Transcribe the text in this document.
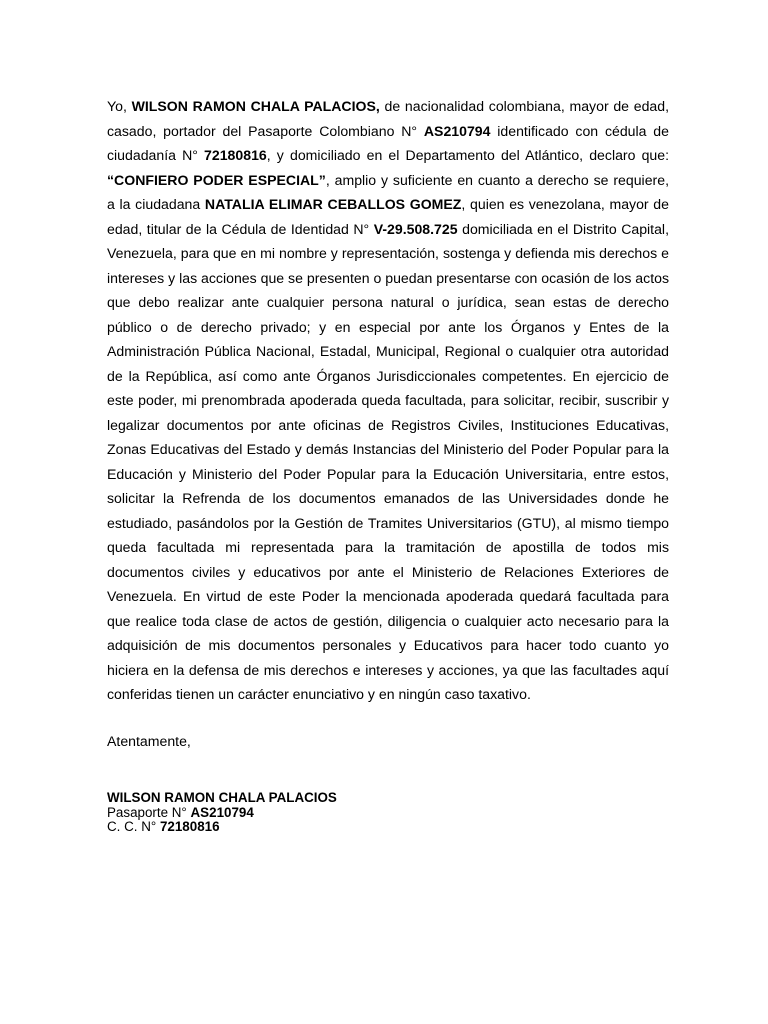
Yo, WILSON RAMON CHALA PALACIOS, de nacionalidad colombiana, mayor de edad, casado, portador del Pasaporte Colombiano N° AS210794 identificado con cédula de ciudadanía N° 72180816, y domiciliado en el Departamento del Atlántico, declaro que: “CONFIERO PODER ESPECIAL”, amplio y suficiente en cuanto a derecho se requiere, a la ciudadana NATALIA ELIMAR CEBALLOS GOMEZ, quien es venezolana, mayor de edad, titular de la Cédula de Identidad N° V-29.508.725 domiciliada en el Distrito Capital, Venezuela, para que en mi nombre y representación, sostenga y defienda mis derechos e intereses y las acciones que se presenten o puedan presentarse con ocasión de los actos que debo realizar ante cualquier persona natural o jurídica, sean estas de derecho público o de derecho privado; y en especial por ante los Órganos y Entes de la Administración Pública Nacional, Estadal, Municipal, Regional o cualquier otra autoridad de la República, así como ante Órganos Jurisdiccionales competentes. En ejercicio de este poder, mi prenombrada apoderada queda facultada, para solicitar, recibir, suscribir y legalizar documentos por ante oficinas de Registros Civiles, Instituciones Educativas, Zonas Educativas del Estado y demás Instancias del Ministerio del Poder Popular para la Educación y Ministerio del Poder Popular para la Educación Universitaria, entre estos, solicitar la Refrenda de los documentos emanados de las Universidades donde he estudiado, pasándolos por la Gestión de Tramites Universitarios (GTU), al mismo tiempo queda facultada mi representada para la tramitación de apostilla de todos mis documentos civiles y educativos por ante el Ministerio de Relaciones Exteriores de Venezuela. En virtud de este Poder la mencionada apoderada quedará facultada para que realice toda clase de actos de gestión, diligencia o cualquier acto necesario para la adquisición de mis documentos personales y Educativos para hacer todo cuanto yo hiciera en la defensa de mis derechos e intereses y acciones, ya que las facultades aquí conferidas tienen un carácter enunciativo y en ningún caso taxativo.

Atentamente,

WILSON RAMON CHALA PALACIOS
Pasaporte N° AS210794
C. C. N° 72180816
